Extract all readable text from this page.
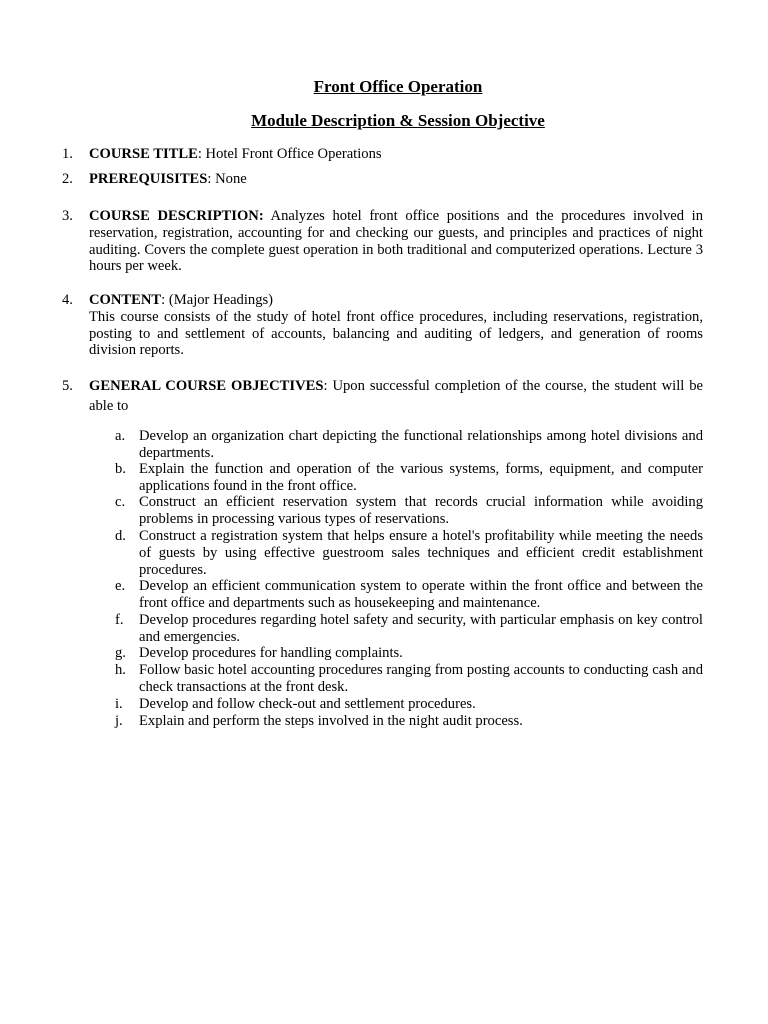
Front Office Operation
Module Description & Session Objective
1. COURSE TITLE: Hotel Front Office Operations
2. PREREQUISITES: None
3. COURSE DESCRIPTION: Analyzes hotel front office positions and the procedures involved in reservation, registration, accounting for and checking our guests, and principles and practices of night auditing. Covers the complete guest operation in both traditional and computerized operations. Lecture 3 hours per week.
4. CONTENT: (Major Headings)
This course consists of the study of hotel front office procedures, including reservations, registration, posting to and settlement of accounts, balancing and auditing of ledgers, and generation of rooms division reports.
5. GENERAL COURSE OBJECTIVES: Upon successful completion of the course, the student will be able to
a. Develop an organization chart depicting the functional relationships among hotel divisions and departments.
b. Explain the function and operation of the various systems, forms, equipment, and computer applications found in the front office.
c. Construct an efficient reservation system that records crucial information while avoiding problems in processing various types of reservations.
d. Construct a registration system that helps ensure a hotel's profitability while meeting the needs of guests by using effective guestroom sales techniques and efficient credit establishment procedures.
e. Develop an efficient communication system to operate within the front office and between the front office and departments such as housekeeping and maintenance.
f. Develop procedures regarding hotel safety and security, with particular emphasis on key control and emergencies.
g. Develop procedures for handling complaints.
h. Follow basic hotel accounting procedures ranging from posting accounts to conducting cash and check transactions at the front desk.
i. Develop and follow check-out and settlement procedures.
j. Explain and perform the steps involved in the night audit process.
